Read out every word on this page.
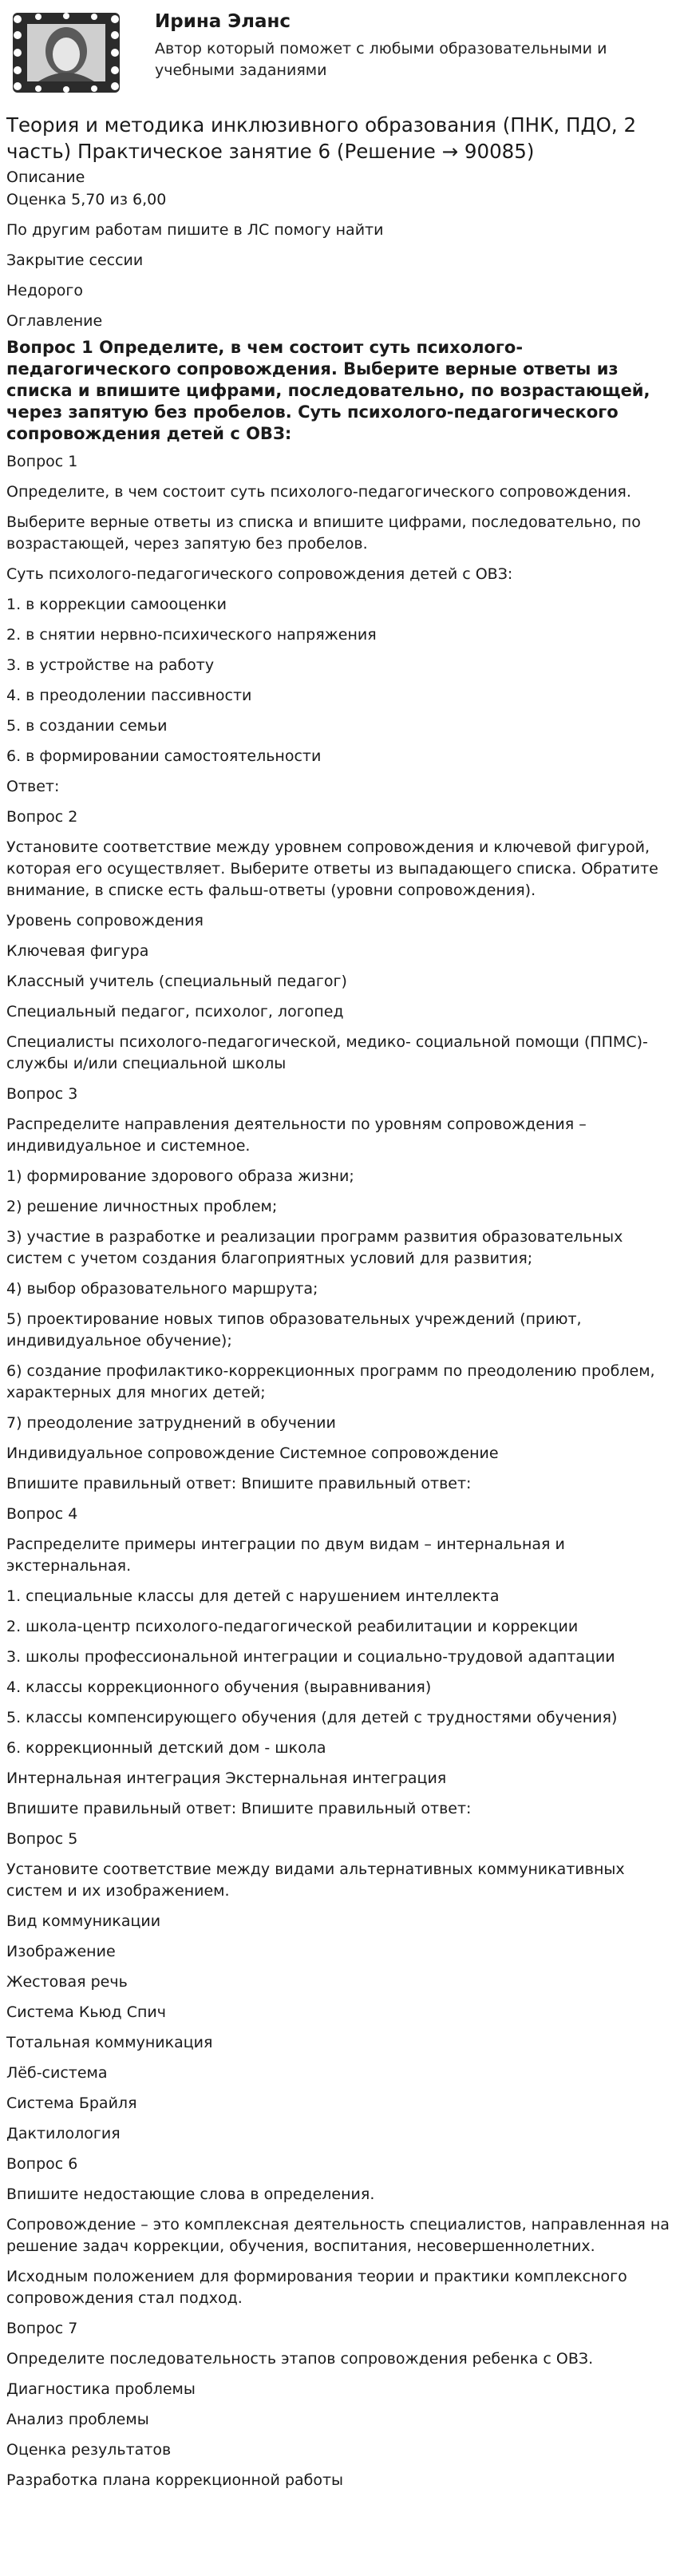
Ирина Эланс
Автор который поможет с любыми образовательными и учебными заданиями
Теория и методика инклюзивного образования (ПНК, ПДО, 2 часть) Практическое занятие 6 (Решение → 90085)
Описание
Оценка 5,70 из 6,00
По другим работам пишите в ЛС помогу найти
Закрытие сессии
Недорого
Оглавление
Вопрос 1 Определите, в чем состоит суть психолого-педагогического сопровождения. Выберите верные ответы из списка и впишите цифрами, последовательно, по возрастающей, через запятую без пробелов. Суть психолого-педагогического сопровождения детей с ОВЗ:

Вопрос 1

Определите, в чем состоит суть психолого-педагогического сопровождения.

Выберите верные ответы из списка и впишите цифрами, последовательно, по возрастающей, через запятую без пробелов.

Суть психолого-педагогического сопровождения детей с ОВЗ:

1. в коррекции самооценки

2. в снятии нервно-психического напряжения

3. в устройстве на работу

4. в преодолении пассивности

5. в создании семьи

6. в формировании самостоятельности

Ответ:

Вопрос 2

Установите соответствие между уровнем сопровождения и ключевой фигурой, которая его осуществляет. Выберите ответы из выпадающего списка. Обратите внимание, в списке есть фальш-ответы (уровни сопровождения).

Уровень сопровождения

Ключевая фигура

Классный учитель (специальный педагог)

Специальный педагог, психолог, логопед

Специалисты психолого-педагогической, медико- социальной помощи (ППМС)-службы и/или специальной школы

Вопрос 3

Распределите направления деятельности по уровням сопровождения – индивидуальное и системное.

1) формирование здорового образа жизни;

2) решение личностных проблем;

3) участие в разработке и реализации программ развития образовательных систем с учетом создания благоприятных условий для развития;

4) выбор образовательного маршрута;

5) проектирование новых типов образовательных учреждений (приют, индивидуальное обучение);

6) создание профилактико-коррекционных программ по преодолению проблем, характерных для многих детей;

7) преодоление затруднений в обучении

Индивидуальное сопровождение Системное сопровождение

Впишите правильный ответ: Впишите правильный ответ:

Вопрос 4

Распределите примеры интеграции по двум видам – интернальная и экстернальная.

1. специальные классы для детей с нарушением интеллекта

2. школа-центр психолого-педагогической реабилитации и коррекции

3. школы профессиональной интеграции и социально-трудовой адаптации

4. классы коррекционного обучения (выравнивания)

5. классы компенсирующего обучения (для детей с трудностями обучения)

6. коррекционный детский дом - школа

Интернальная интеграция Экстернальная интеграция

Впишите правильный ответ: Впишите правильный ответ:

Вопрос 5

Установите соответствие между видами альтернативных коммуникативных систем и их изображением.

Вид коммуникации

Изображение

Жестовая речь

Система Кьюд Спич

Тотальная коммуникация

Лёб-система

Система Брайля

Дактилология

Вопрос 6

Впишите недостающие слова в определения.

Сопровождение – это комплексная деятельность специалистов, направленная на решение задач коррекции, обучения, воспитания, несовершеннолетних.

Исходным положением для формирования теории и практики комплексного сопровождения стал подход.

Вопрос 7

Определите последовательность этапов сопровождения ребенка с ОВЗ.

Диагностика проблемы

Анализ проблемы

Оценка результатов

Разработка плана коррекционной работы
